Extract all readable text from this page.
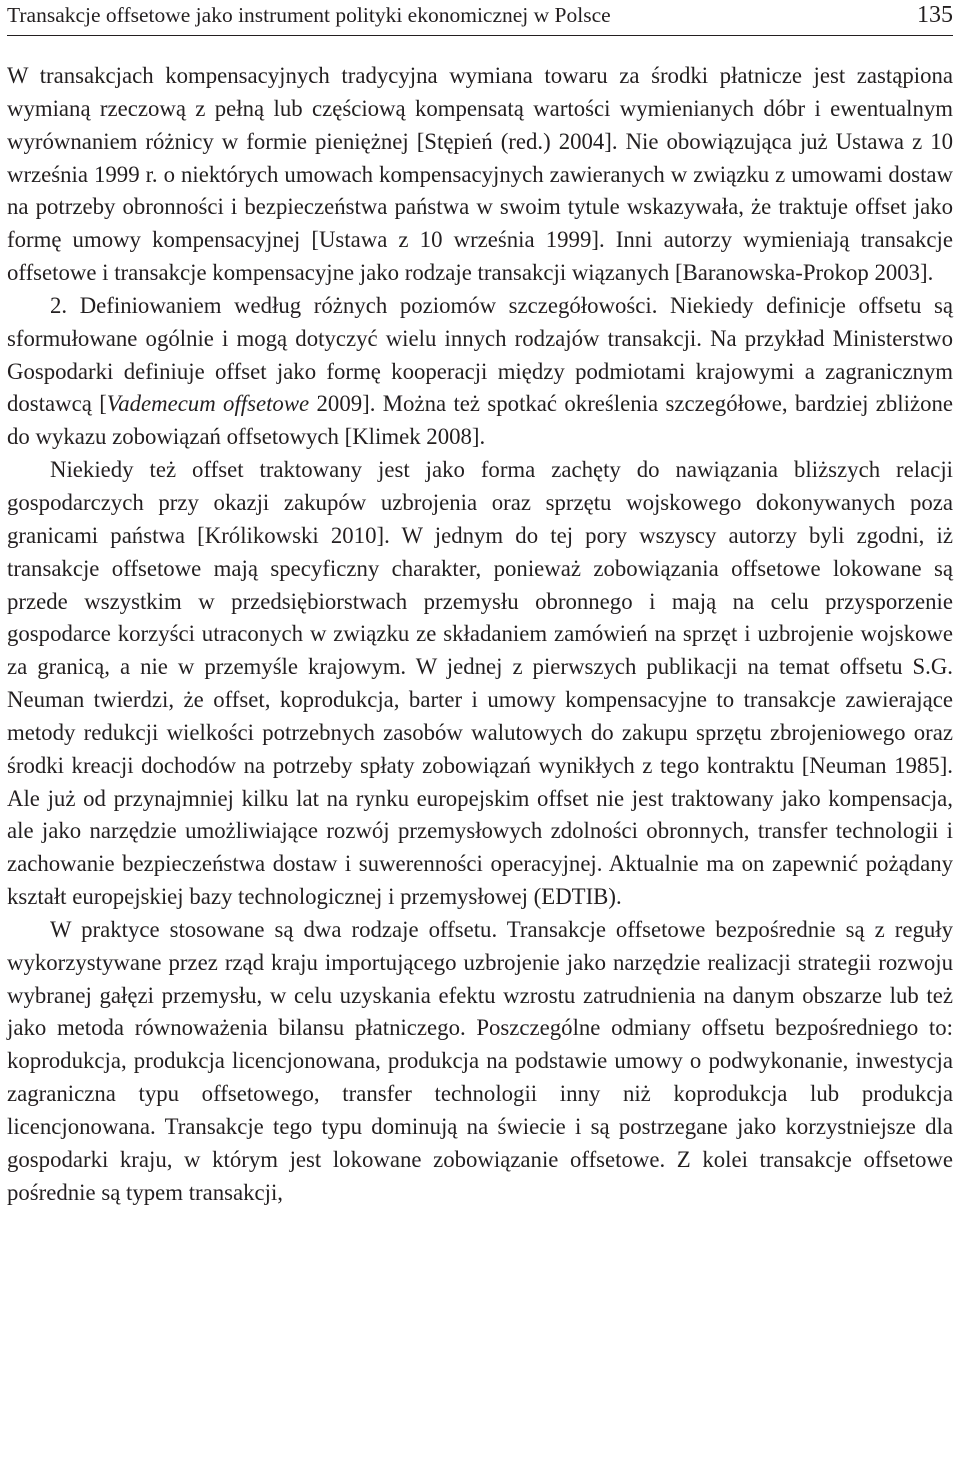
Transakcje offsetowe jako instrument polityki ekonomicznej w Polsce	135

W transakcjach kompensacyjnych tradycyjna wymiana towaru za środki płatnicze jest zastąpiona wymianą rzeczową z pełną lub częściową kompensatą wartości wymienianych dóbr i ewentualnym wyrównaniem różnicy w formie pieniężnej [Stępień (red.) 2004]. Nie obowiązująca już Ustawa z 10 września 1999 r. o niektórych umowach kompensacyjnych zawieranych w związku z umowami dostaw na potrzeby obronności i bezpieczeństwa państwa w swoim tytule wskazywała, że traktuje offset jako formę umowy kompensacyjnej [Ustawa z 10 września 1999]. Inni autorzy wymieniają transakcje offsetowe i transakcje kompensacyjne jako rodzaje transakcji wiązanych [Baranowska-Prokop 2003].

2. Definiowaniem według różnych poziomów szczegółowości. Niekiedy definicje offsetu są sformułowane ogólnie i mogą dotyczyć wielu innych rodzajów transakcji. Na przykład Ministerstwo Gospodarki definiuje offset jako formę kooperacji między podmiotami krajowymi a zagranicznym dostawcą [Vademecum offsetowe 2009]. Można też spotkać określenia szczegółowe, bardziej zbliżone do wykazu zobowiązań offsetowych [Klimek 2008].

Niekiedy też offset traktowany jest jako forma zachęty do nawiązania bliższych relacji gospodarczych przy okazji zakupów uzbrojenia oraz sprzętu wojskowego dokonywanych poza granicami państwa [Królikowski 2010]. W jednym do tej pory wszyscy autorzy byli zgodni, iż transakcje offsetowe mają specyficzny charakter, ponieważ zobowiązania offsetowe lokowane są przede wszystkim w przedsiębiorstwach przemysłu obronnego i mają na celu przysporzenie gospodarce korzyści utraconych w związku ze składaniem zamówień na sprzęt i uzbrojenie wojskowe za granicą, a nie w przemyśle krajowym. W jednej z pierwszych publikacji na temat offsetu S.G. Neuman twierdzi, że offset, koprodukcja, barter i umowy kompensacyjne to transakcje zawierające metody redukcji wielkości potrzebnych zasobów walutowych do zakupu sprzętu zbrojeniowego oraz środki kreacji dochodów na potrzeby spłaty zobowiązań wynikłych z tego kontraktu [Neuman 1985]. Ale już od przynajmniej kilku lat na rynku europejskim offset nie jest traktowany jako kompensacja, ale jako narzędzie umożliwiające rozwój przemysłowych zdolności obronnych, transfer technologii i zachowanie bezpieczeństwa dostaw i suwerenności operacyjnej. Aktualnie ma on zapewnić pożądany kształt europejskiej bazy technologicznej i przemysłowej (EDTIB).

W praktyce stosowane są dwa rodzaje offsetu. Transakcje offsetowe bezpośrednie są z reguły wykorzystywane przez rząd kraju importującego uzbrojenie jako narzędzie realizacji strategii rozwoju wybranej gałęzi przemysłu, w celu uzyskania efektu wzrostu zatrudnienia na danym obszarze lub też jako metoda równoważenia bilansu płatniczego. Poszczególne odmiany offsetu bezpośredniego to: koprodukcja, produkcja licencjonowana, produkcja na podstawie umowy o podwykonanie, inwestycja zagraniczna typu offsetowego, transfer technologii inny niż koprodukcja lub produkcja licencjonowana. Transakcje tego typu dominują na świecie i są postrzegane jako korzystniejsze dla gospodarki kraju, w którym jest lokowane zobowiązanie offsetowe. Z kolei transakcje offsetowe pośrednie są typem transakcji,
